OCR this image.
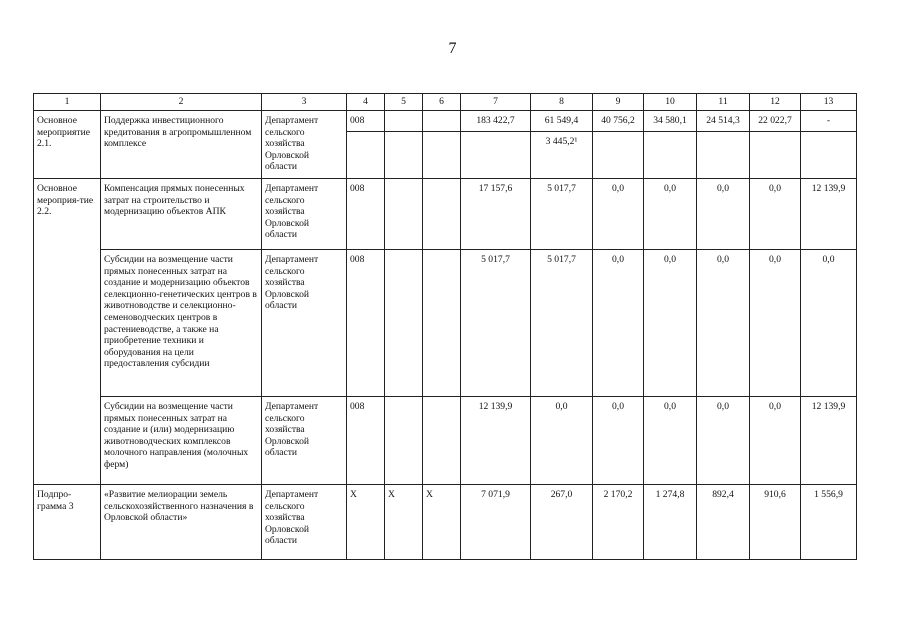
7
1	2	3	4	5	6	7	8	9	10	11	12	13
Основное мероприятие 2.1.	Поддержка инвестиционного кредитования в агропромышленном комплексе	Департамент сельского хозяйства Орловской области	008			183 422,7	61 549,4	40 756,2	34 580,1	24 514,3	22 022,7	-
							3 445,2¹					
Основное мероприя-тие 2.2.	Компенсация прямых понесенных затрат на строительство и модернизацию объектов АПК	Департамент сельского хозяйства Орловской области	008			17 157,6	5 017,7	0,0	0,0	0,0	0,0	12 139,9
	Субсидии на возмещение части прямых понесенных затрат на создание и модернизацию объектов селекционно-генетических центров в животноводстве и селекционно-семеноводческих центров в растениеводстве, а также на приобретение техники и оборудования на цели предоставления субсидии	Департамент сельского хозяйства Орловской области	008			5 017,7	5 017,7	0,0	0,0	0,0	0,0	0,0
	Субсидии на возмещение части прямых понесенных затрат на создание и (или) модернизацию животноводческих комплексов молочного направления (молочных ферм)	Департамент сельского хозяйства Орловской области	008			12 139,9	0,0	0,0	0,0	0,0	0,0	12 139,9
Подпро-грамма 3	«Развитие мелиорации земель сельскохозяйственного назначения в Орловской области»	Департамент сельского хозяйства Орловской области	X	X	X	7 071,9	267,0	2 170,2	1 274,8	892,4	910,6	1 556,9
